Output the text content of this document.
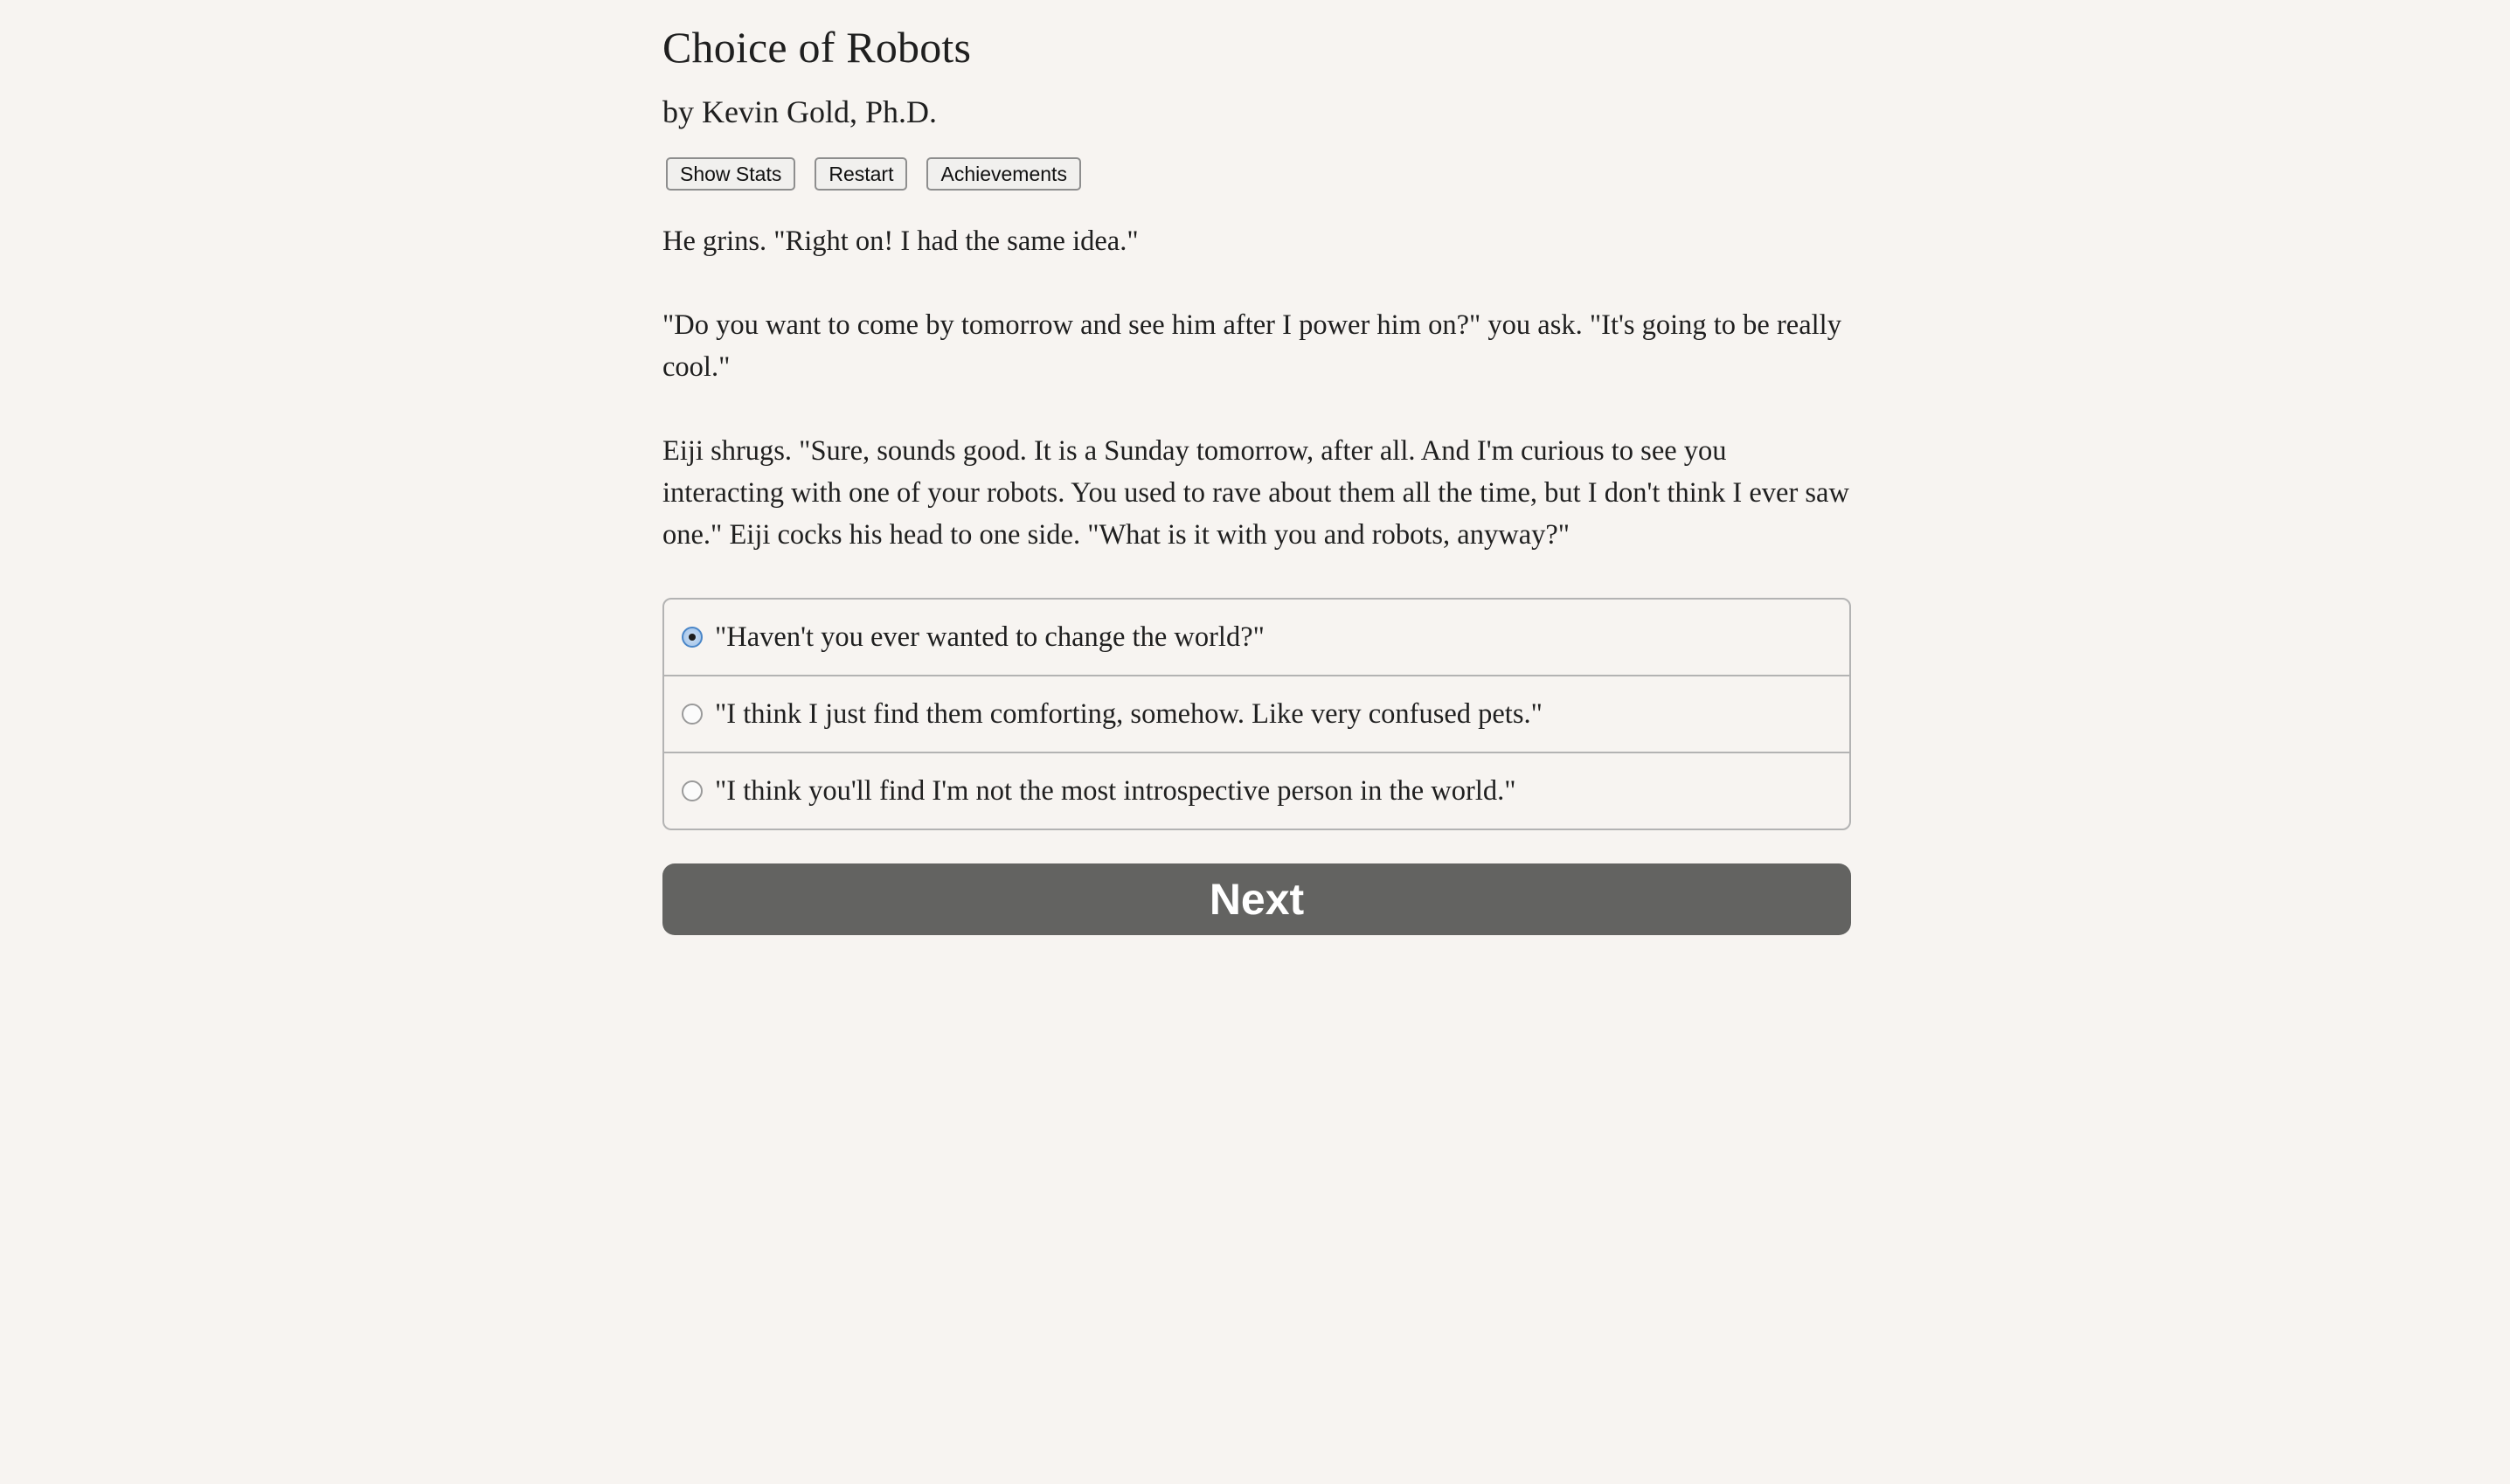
Choice of Robots
by Kevin Gold, Ph.D.
Show Stats	Restart	Achievements

He grins. "Right on! I had the same idea."

"Do you want to come by tomorrow and see him after I power him on?" you ask. "It's going to be really cool."

Eiji shrugs. "Sure, sounds good. It is a Sunday tomorrow, after all. And I'm curious to see you interacting with one of your robots. You used to rave about them all the time, but I don't think I ever saw one." Eiji cocks his head to one side. "What is it with you and robots, anyway?"

"Haven't you ever wanted to change the world?"
"I think I just find them comforting, somehow. Like very confused pets."
"I think you'll find I'm not the most introspective person in the world."
Next
